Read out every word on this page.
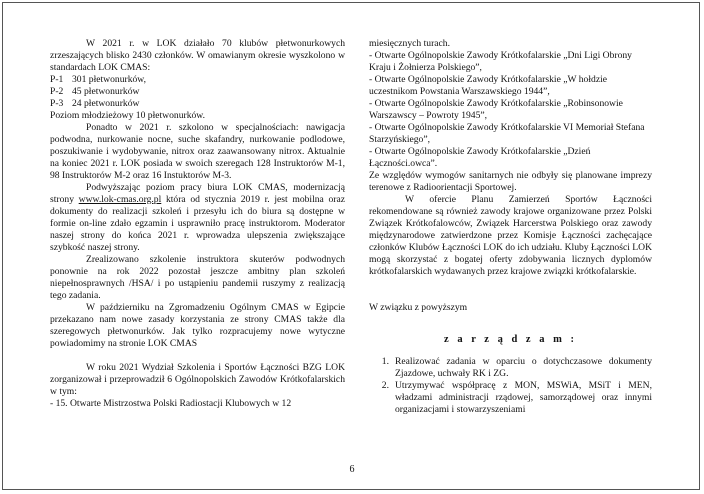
W 2021 r. w LOK działało 70 klubów płetwonurkowych zrzeszających blisko 2430 członków. W omawianym okresie wyszkolono w standardach LOK CMAS:

P-1 301 płetwonurków,
P-2 45 płetwonurków
P-3 24 płetwonurków

Poziom młodzieżowy 10 płetwonurków.

Ponadto w 2021 r. szkolono w specjalnościach: nawigacja podwodna, nurkowanie nocne, suche skafandry, nurkowanie podlodowe, poszukiwanie i wydobywanie, nitrox oraz zaawansowany nitrox. Aktualnie na koniec 2021 r. LOK posiada w swoich szeregach 128 Instruktorów M-1, 98 Instruktorów M-2 oraz 16 Instuktorów M-3.

Podwyższając poziom pracy biura LOK CMAS, modernizacją strony www.lok-cmas.org.pl która od stycznia 2019 r. jest mobilna oraz dokumenty do realizacji szkoleń i przesyłu ich do biura są dostępne w formie on-line zdało egzamin i usprawniło pracę instruktorom. Moderator naszej strony do końca 2021 r. wprowadza ulepszenia zwiększające szybkość naszej strony.

Zrealizowano szkolenie instruktora skuterów podwodnych ponownie na rok 2022 pozostał jeszcze ambitny plan szkoleń niepełnosprawnych /HSA/ i po ustąpieniu pandemii ruszymy z realizacją tego zadania.

W październiku na Zgromadzeniu Ogólnym CMAS w Egipcie przekazano nam nowe zasady korzystania ze strony CMAS także dla szeregowych płetwonurków. Jak tylko rozpracujemy nowe wytyczne powiadomimy na stronie LOK CMAS

W roku 2021 Wydział Szkolenia i Sportów Łączności BZG LOK zorganizował i przeprowadził 6 Ogólnopolskich Zawodów Krótkofalarskich w tym:

- 15. Otwarte Mistrzostwa Polski Radiostacji Klubowych w 12

miesięcznych turach.

- Otwarte Ogólnopolskie Zawody Krótkofalarskie „Dni Ligi Obrony Kraju i Żołnierza Polskiego”,

- Otwarte Ogólnopolskie Zawody Krótkofalarskie „W hołdzie uczestnikom Powstania Warszawskiego 1944”,

- Otwarte Ogólnopolskie Zawody Krótkofalarskie „Robinsonowie Warszawscy – Powroty 1945”,

- Otwarte Ogólnopolskie Zawody Krótkofalarskie VI Memoriał Stefana Starzyńskiego”,

- Otwarte Ogólnopolskie Zawody Krótkofalarskie „Dzień Łączności.owca”.

Ze względów wymogów sanitarnych nie odbyły się planowane imprezy terenowe z Radioorientacji Sportowej.

W ofercie Planu Zamierzeń Sportów Łączności rekomendowane są również zawody krajowe organizowane przez Polski Związek Krótkofalowców, Związek Harcerstwa Polskiego oraz zawody międzynarodowe zatwierdzone przez Komisje Łączności zachęcające członków Klubów Łączności LOK do ich udziału. Kluby Łączności LOK mogą skorzystać z bogatej oferty zdobywania licznych dyplomów krótkofalarskich wydawanych przez krajowe związki krótkofalarskie.

W związku z powyższym

z a r z ą d z a m :

1. Realizować zadania w oparciu o dotychczasowe dokumenty Zjazdowe, uchwały RK i ZG.
2. Utrzymywać współpracę z MON, MSWiA, MSiT i MEN, władzami administracji rządowej, samorządowej oraz innymi organizacjami i stowarzyszeniami
6
